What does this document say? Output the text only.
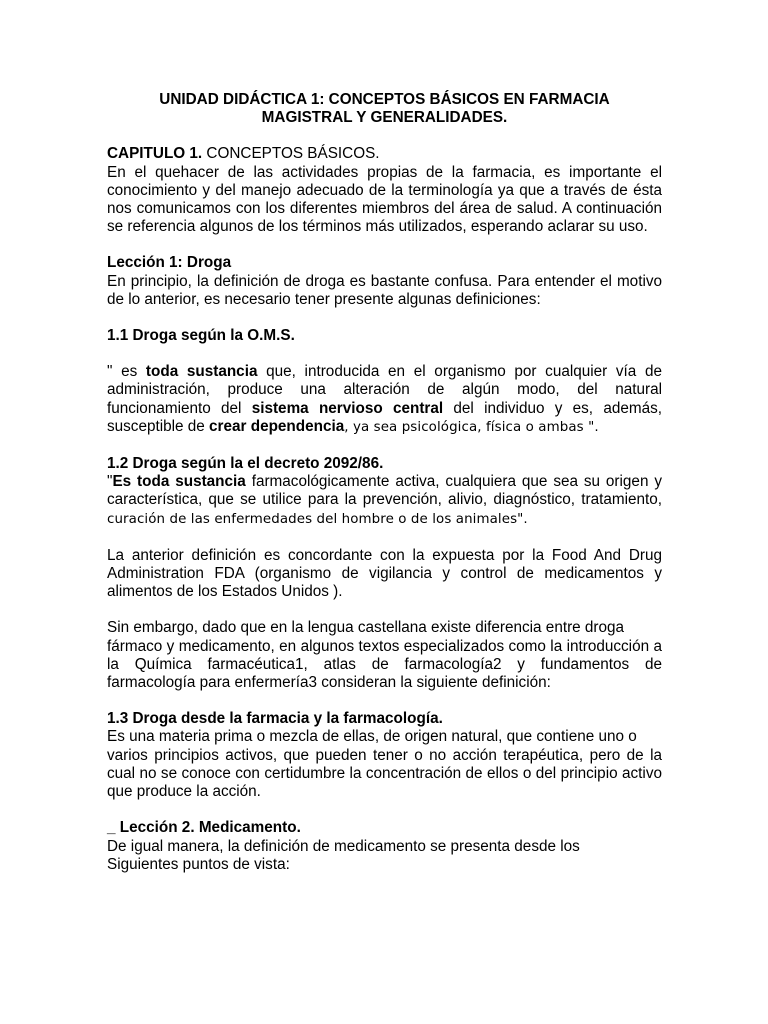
UNIDAD DIDÁCTICA 1: CONCEPTOS BÁSICOS EN FARMACIA
MAGISTRAL Y GENERALIDADES.

CAPITULO 1. CONCEPTOS BÁSICOS.

En el quehacer de las actividades propias de la farmacia, es importante el conocimiento y del manejo adecuado de la terminología ya que a través de ésta nos comunicamos con los diferentes miembros del área de salud. A continuación se referencia algunos de los términos más utilizados, esperando aclarar su uso.

Lección 1: Droga

En principio, la definición de droga es bastante confusa. Para entender el motivo de lo anterior, es necesario tener presente algunas definiciones:

1.1 Droga según la O.M.S.

" es toda sustancia que, introducida en el organismo por cualquier vía de administración, produce una alteración de algún modo, del natural funcionamiento del sistema nervioso central del individuo y es, además, susceptible de crear dependencia, ya sea psicológica, física o ambas ".

1.2 Droga según la el decreto 2092/86.

"Es toda sustancia farmacológicamente activa, cualquiera que sea su origen y característica, que se utilice para la prevención, alivio, diagnóstico, tratamiento, curación de las enfermedades del hombre o de los animales".

La anterior definición es concordante con la expuesta por la Food And Drug Administration FDA (organismo de vigilancia y control de medicamentos y alimentos de los Estados Unidos ).

Sin embargo, dado que en la lengua castellana existe diferencia entre droga

fármaco y medicamento, en algunos textos especializados como la introducción a la Química farmacéutica1, atlas de farmacología2 y fundamentos de farmacología para enfermería3 consideran la siguiente definición:

1.3 Droga desde la farmacia y la farmacología.

Es una materia prima o mezcla de ellas, de origen natural, que contiene uno o

varios principios activos, que pueden tener o no acción terapéutica, pero de la cual no se conoce con certidumbre la concentración de ellos o del principio activo que produce la acción.

_ Lección 2. Medicamento.

De igual manera, la definición de medicamento se presenta desde los

Siguientes puntos de vista:
